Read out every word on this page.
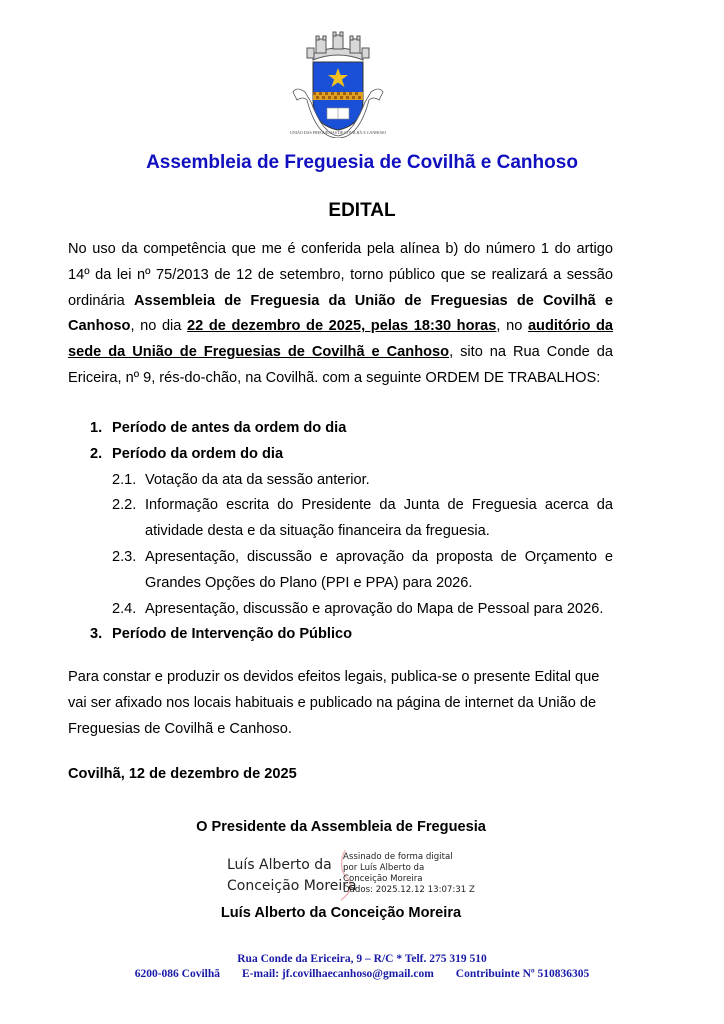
UNIÃO DAS FREGUESIAS DE COVILHÃ E CANHOSO
Assembleia de Freguesia de Covilhã e Canhoso
EDITAL
No uso da competência que me é conferida pela alínea b) do número 1 do artigo
14º da lei nº 75/2013 de 12 de setembro, torno público que se realizará a sessão
ordinária Assembleia de Freguesia da União de Freguesias de Covilhã e
Canhoso, no dia 22 de dezembro de 2025, pelas 18:30 horas, no auditório da
sede da União de Freguesias de Covilhã e Canhoso, sito na Rua Conde da
Ericeira, nº 9, rés-do-chão, na Covilhã. com a seguinte ORDEM DE TRABALHOS:
1. Período de antes da ordem do dia
2. Período da ordem do dia
2.1. Votação da ata da sessão anterior.
2.2. Informação escrita do Presidente da Junta de Freguesia acerca da atividade desta e da situação financeira da freguesia.
2.3. Apresentação, discussão e aprovação da proposta de Orçamento e Grandes Opções do Plano (PPI e PPA) para 2026.
2.4. Apresentação, discussão e aprovação do Mapa de Pessoal para 2026.
3. Período de Intervenção do Público
Para constar e produzir os devidos efeitos legais, publica-se o presente Edital que vai ser afixado nos locais habituais e publicado na página de internet da União de Freguesias de Covilhã e Canhoso.
Covilhã, 12 de dezembro de 2025
O Presidente da Assembleia de Freguesia
Luís Alberto da
Conceição Moreira
Assinado de forma digital
por Luís Alberto da
Conceição Moreira
Dados: 2025.12.12 13:07:31 Z
Luís Alberto da Conceição Moreira
Rua Conde da Ericeira, 9 – R/C * Telf. 275 319 510
6200-086 Covilhã E-mail: jf.covilhaecanhoso@gmail.com Contribuinte Nº 510836305
